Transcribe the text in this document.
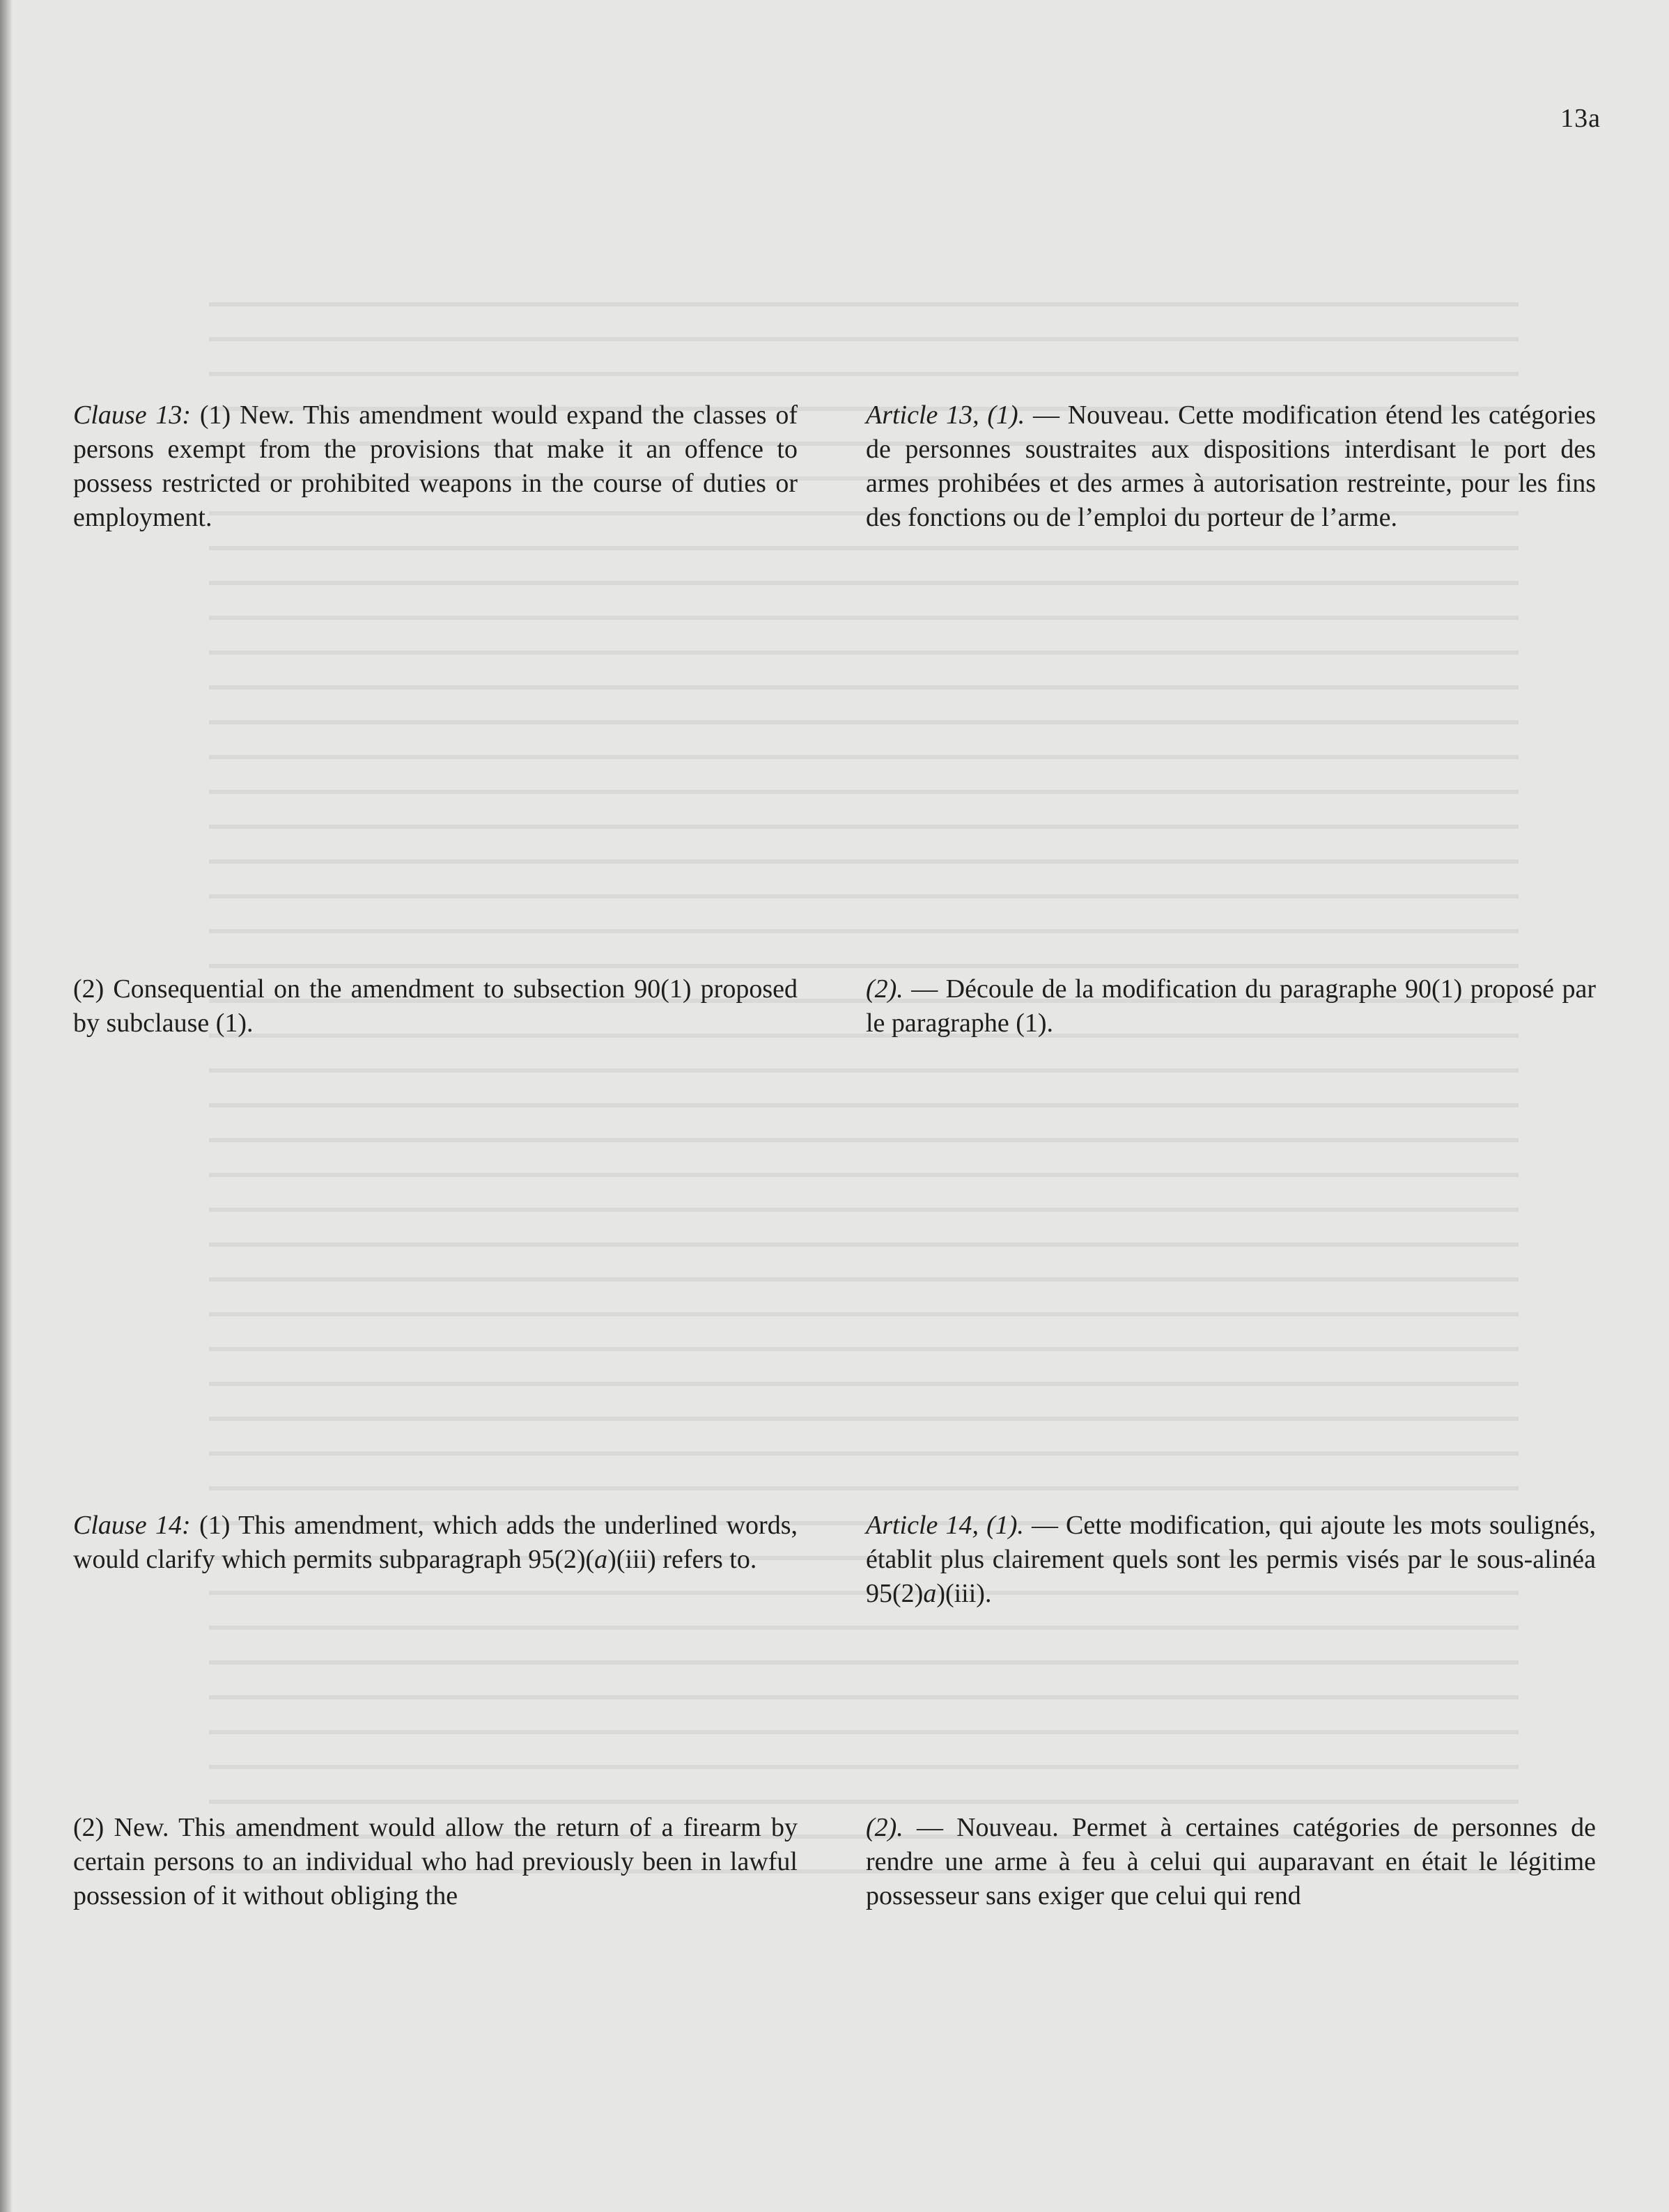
13a

Clause 13: (1) New. This amendment would expand the classes of persons exempt from the provisions that make it an offence to possess restricted or prohibited weapons in the course of duties or employment.

Article 13, (1). — Nouveau. Cette modification étend les catégories de personnes soustraites aux dispositions interdisant le port des armes prohibées et des armes à autorisation restreinte, pour les fins des fonctions ou de l’emploi du porteur de l’arme.

(2) Consequential on the amendment to subsection 90(1) proposed by subclause (1).

(2). — Découle de la modification du paragraphe 90(1) proposé par le paragraphe (1).

Clause 14: (1) This amendment, which adds the underlined words, would clarify which permits subparagraph 95(2)(a)(iii) refers to.

Article 14, (1). — Cette modification, qui ajoute les mots soulignés, établit plus clairement quels sont les permis visés par le sous-alinéa 95(2)a)(iii).

(2) New. This amendment would allow the return of a firearm by certain persons to an individual who had previously been in lawful possession of it without obliging the

(2). — Nouveau. Permet à certaines catégories de personnes de rendre une arme à feu à celui qui auparavant en était le légitime possesseur sans exiger que celui qui rend
